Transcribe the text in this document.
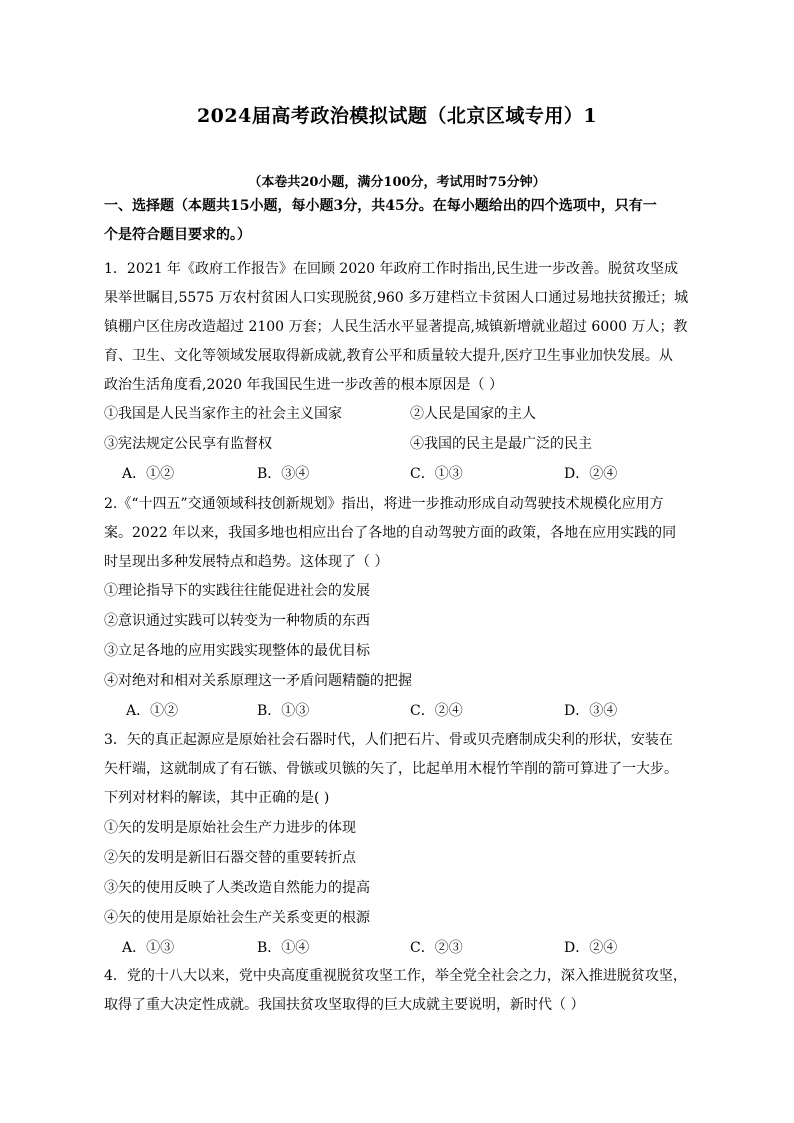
2024届高考政治模拟试题（北京区域专用）1
（本卷共20小题，满分100分，考试用时75分钟）
一、选择题（本题共15小题，每小题3分，共45分。在每小题给出的四个选项中，只有一
个是符合题目要求的。）
1．2021 年《政府工作报告》在回顾 2020 年政府工作时指出,民生进一步改善。脱贫攻坚成
果举世瞩目,5575 万农村贫困人口实现脱贫,960 多万建档立卡贫困人口通过易地扶贫搬迁；城
镇棚户区住房改造超过 2100 万套；人民生活水平显著提高,城镇新增就业超过 6000 万人；教
育、卫生、文化等领域发展取得新成就,教育公平和质量较大提升,医疗卫生事业加快发展。从
政治生活角度看,2020 年我国民生进一步改善的根本原因是（ ）
①我国是人民当家作主的社会主义国家	②人民是国家的主人
③宪法规定公民享有监督权	④我国的民主是最广泛的民主
A．①②	B．③④	C．①③	D．②④
2.《“十四五”交通领域科技创新规划》指出，将进一步推动形成自动驾驶技术规模化应用方
案。2022 年以来，我国多地也相应出台了各地的自动驾驶方面的政策，各地在应用实践的同
时呈现出多种发展特点和趋势。这体现了（ ）
①理论指导下的实践往往能促进社会的发展
②意识通过实践可以转变为一种物质的东西
③立足各地的应用实践实现整体的最优目标
④对绝对和相对关系原理这一矛盾问题精髓的把握
A．①②	B．①③	C．②④	D．③④
3．矢的真正起源应是原始社会石器时代，人们把石片、骨或贝壳磨制成尖利的形状，安装在
矢杆端，这就制成了有石镞、骨镞或贝镞的矢了，比起单用木棍竹竿削的箭可算进了一大步。
下列对材料的解读，其中正确的是( )
①矢的发明是原始社会生产力进步的体现
②矢的发明是新旧石器交替的重要转折点
③矢的使用反映了人类改造自然能力的提高
④矢的使用是原始社会生产关系变更的根源
A．①③	B．①④	C．②③	D．②④
4．党的十八大以来，党中央高度重视脱贫攻坚工作，举全党全社会之力，深入推进脱贫攻坚，
取得了重大决定性成就。我国扶贫攻坚取得的巨大成就主要说明，新时代（ ）
